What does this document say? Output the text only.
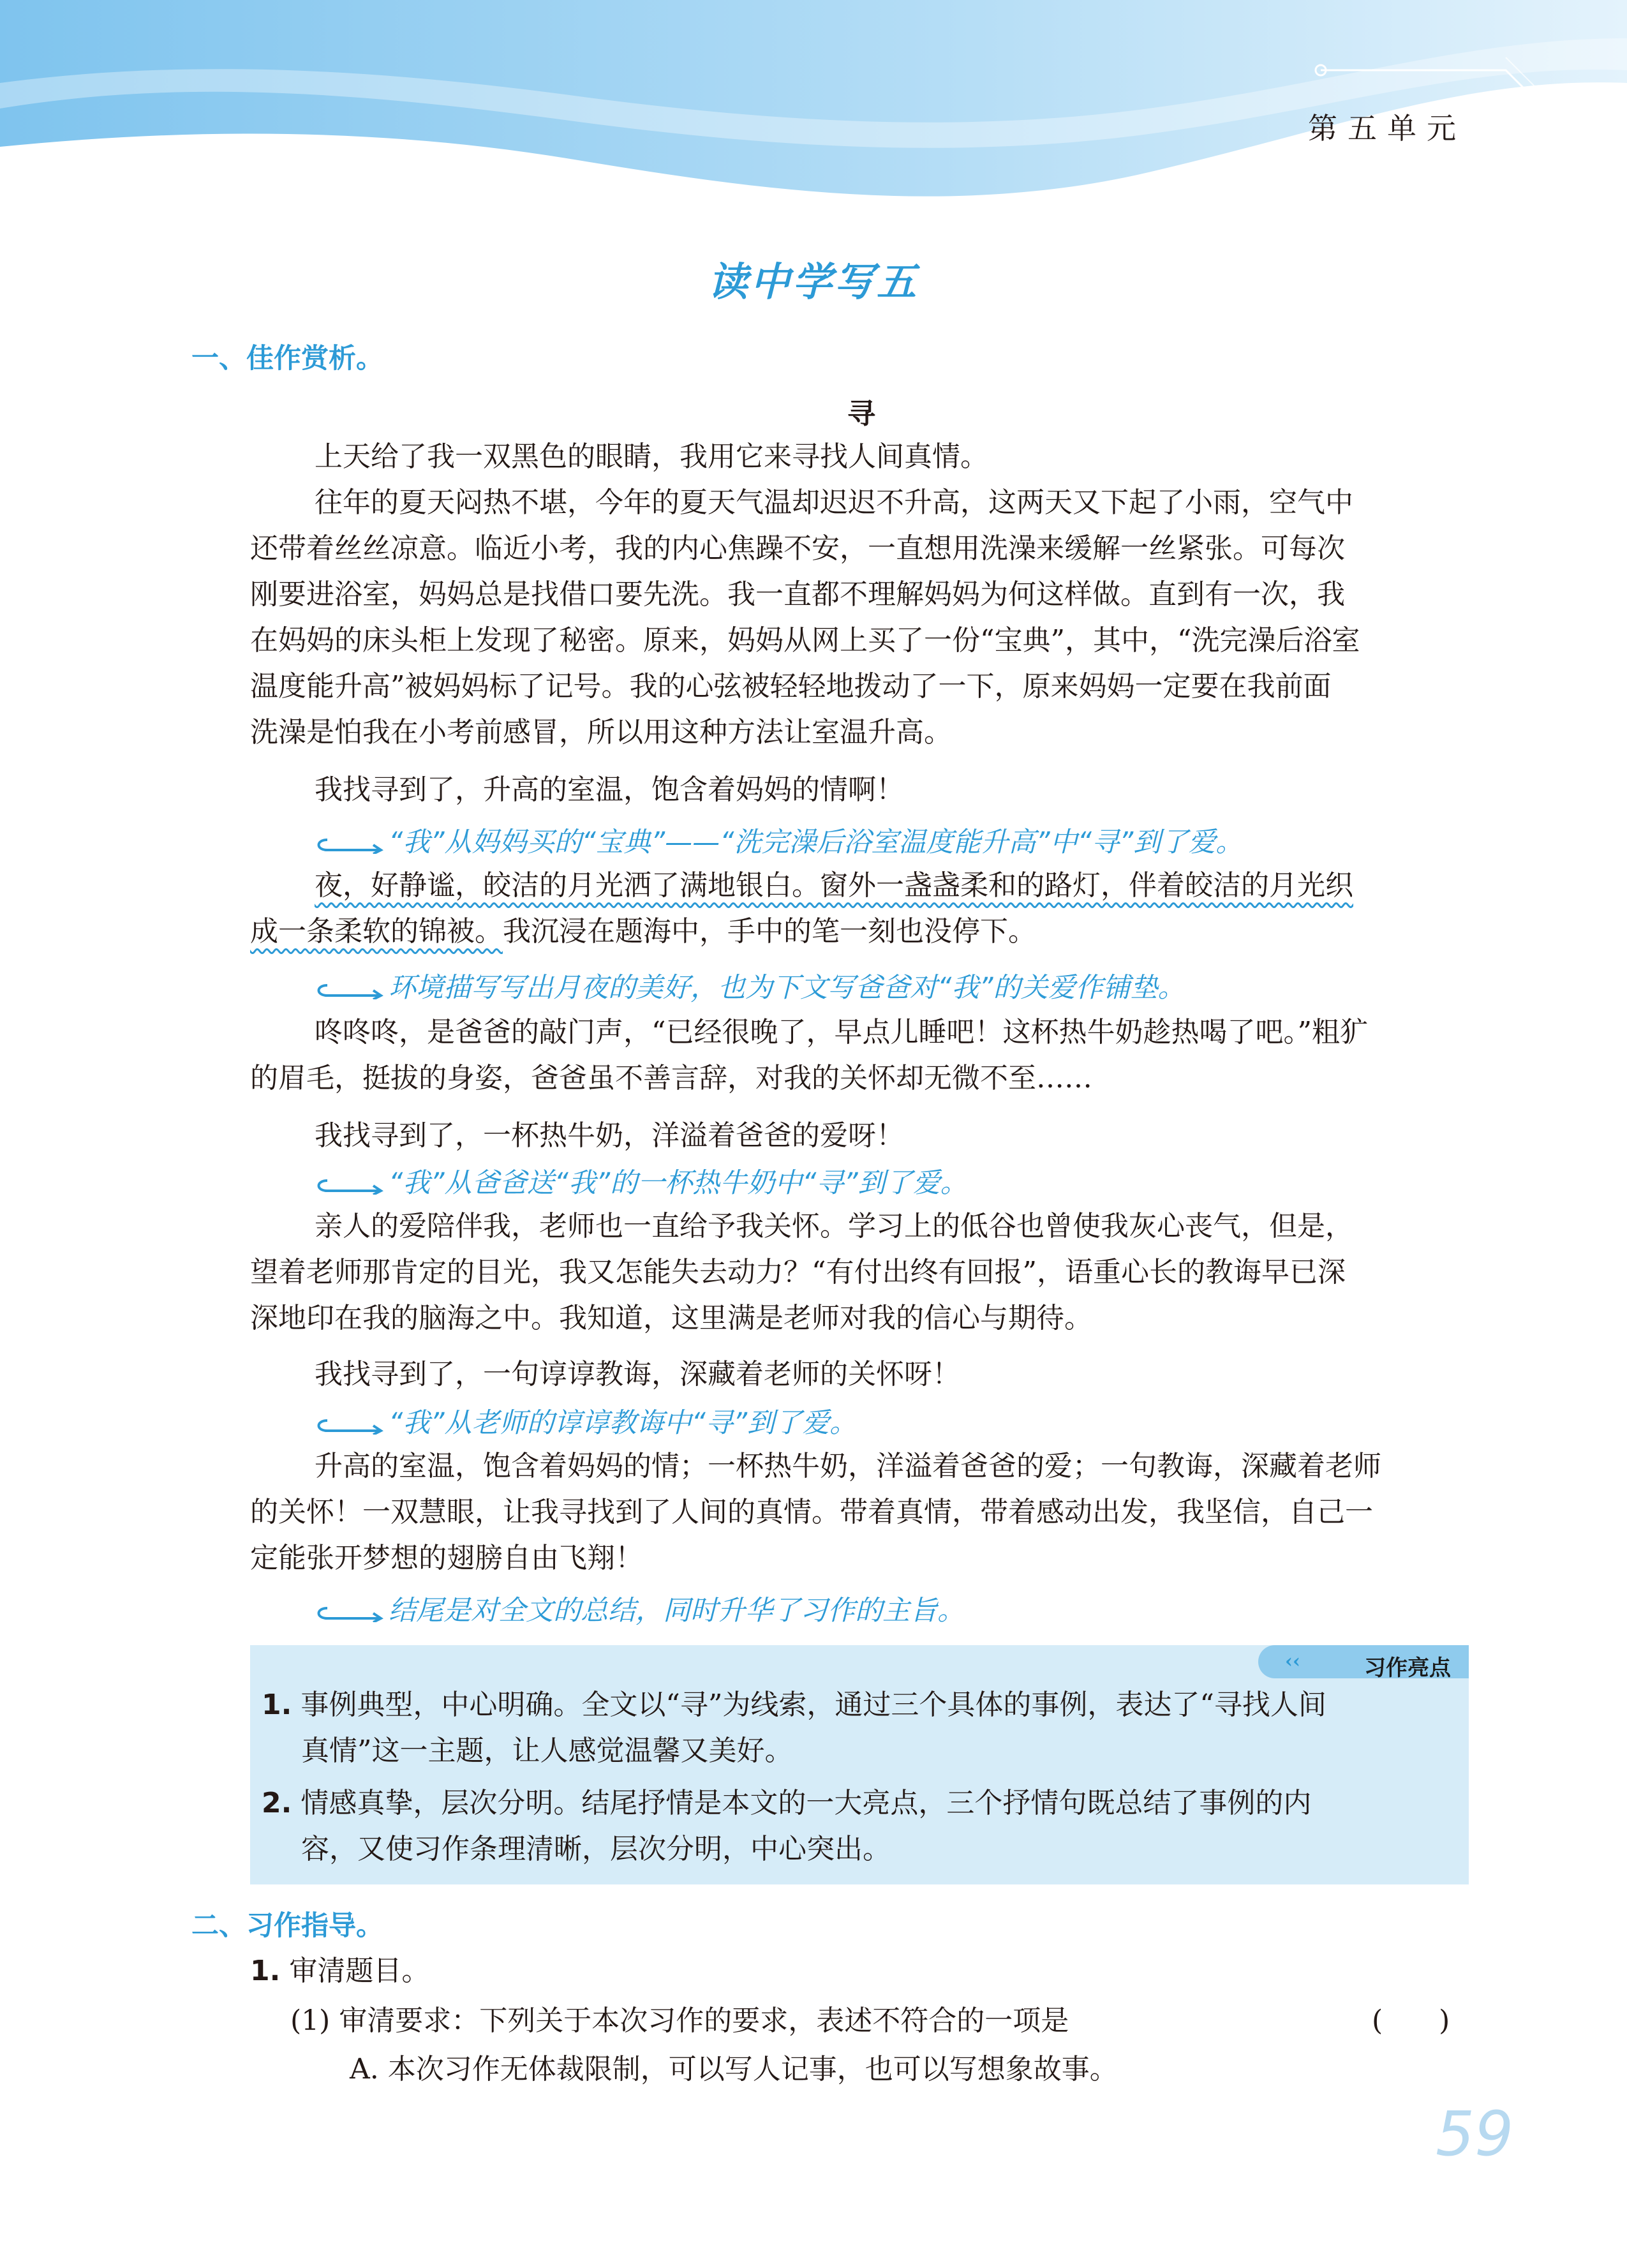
第五单元
读中学写五
一、佳作赏析。
寻
上天给了我一双黑色的眼睛，我用它来寻找人间真情。
往年的夏天闷热不堪，今年的夏天气温却迟迟不升高，这两天又下起了小雨，空气中
还带着丝丝凉意。临近小考，我的内心焦躁不安，一直想用洗澡来缓解一丝紧张。可每次
刚要进浴室，妈妈总是找借口要先洗。我一直都不理解妈妈为何这样做。直到有一次，我
在妈妈的床头柜上发现了秘密。原来，妈妈从网上买了一份“宝典”，其中，“洗完澡后浴室
温度能升高”被妈妈标了记号。我的心弦被轻轻地拨动了一下，原来妈妈一定要在我前面
洗澡是怕我在小考前感冒，所以用这种方法让室温升高。
我找寻到了，升高的室温，饱含着妈妈的情啊！
“我”从妈妈买的“宝典”——“洗完澡后浴室温度能升高”中“寻”到了爱。
夜，好静谧，皎洁的月光洒了满地银白。窗外一盏盏柔和的路灯，伴着皎洁的月光织
成一条柔软的锦被。我沉浸在题海中，手中的笔一刻也没停下。
环境描写写出月夜的美好，也为下文写爸爸对“我”的关爱作铺垫。
咚咚咚，是爸爸的敲门声，“已经很晚了，早点儿睡吧！这杯热牛奶趁热喝了吧。”粗犷
的眉毛，挺拔的身姿，爸爸虽不善言辞，对我的关怀却无微不至……
我找寻到了，一杯热牛奶，洋溢着爸爸的爱呀！
“我”从爸爸送“我”的一杯热牛奶中“寻”到了爱。
亲人的爱陪伴我，老师也一直给予我关怀。学习上的低谷也曾使我灰心丧气，但是，
望着老师那肯定的目光，我又怎能失去动力？“有付出终有回报”，语重心长的教诲早已深
深地印在我的脑海之中。我知道，这里满是老师对我的信心与期待。
我找寻到了，一句谆谆教诲，深藏着老师的关怀呀！
“我”从老师的谆谆教诲中“寻”到了爱。
升高的室温，饱含着妈妈的情；一杯热牛奶，洋溢着爸爸的爱；一句教诲，深藏着老师
的关怀！一双慧眼，让我寻找到了人间的真情。带着真情，带着感动出发，我坚信，自己一
定能张开梦想的翅膀自由飞翔！
结尾是对全文的总结，同时升华了习作的主旨。
‹‹	习作亮点
1. 事例典型，中心明确。全文以“寻”为线索，通过三个具体的事例，表达了“寻找人间
真情”这一主题，让人感觉温馨又美好。
2. 情感真挚，层次分明。结尾抒情是本文的一大亮点，三个抒情句既总结了事例的内
容，又使习作条理清晰，层次分明，中心突出。
二、习作指导。
1. 审清题目。
(1) 审清要求：下列关于本次习作的要求，表述不符合的一项是	(　　)
A. 本次习作无体裁限制，可以写人记事，也可以写想象故事。
59
